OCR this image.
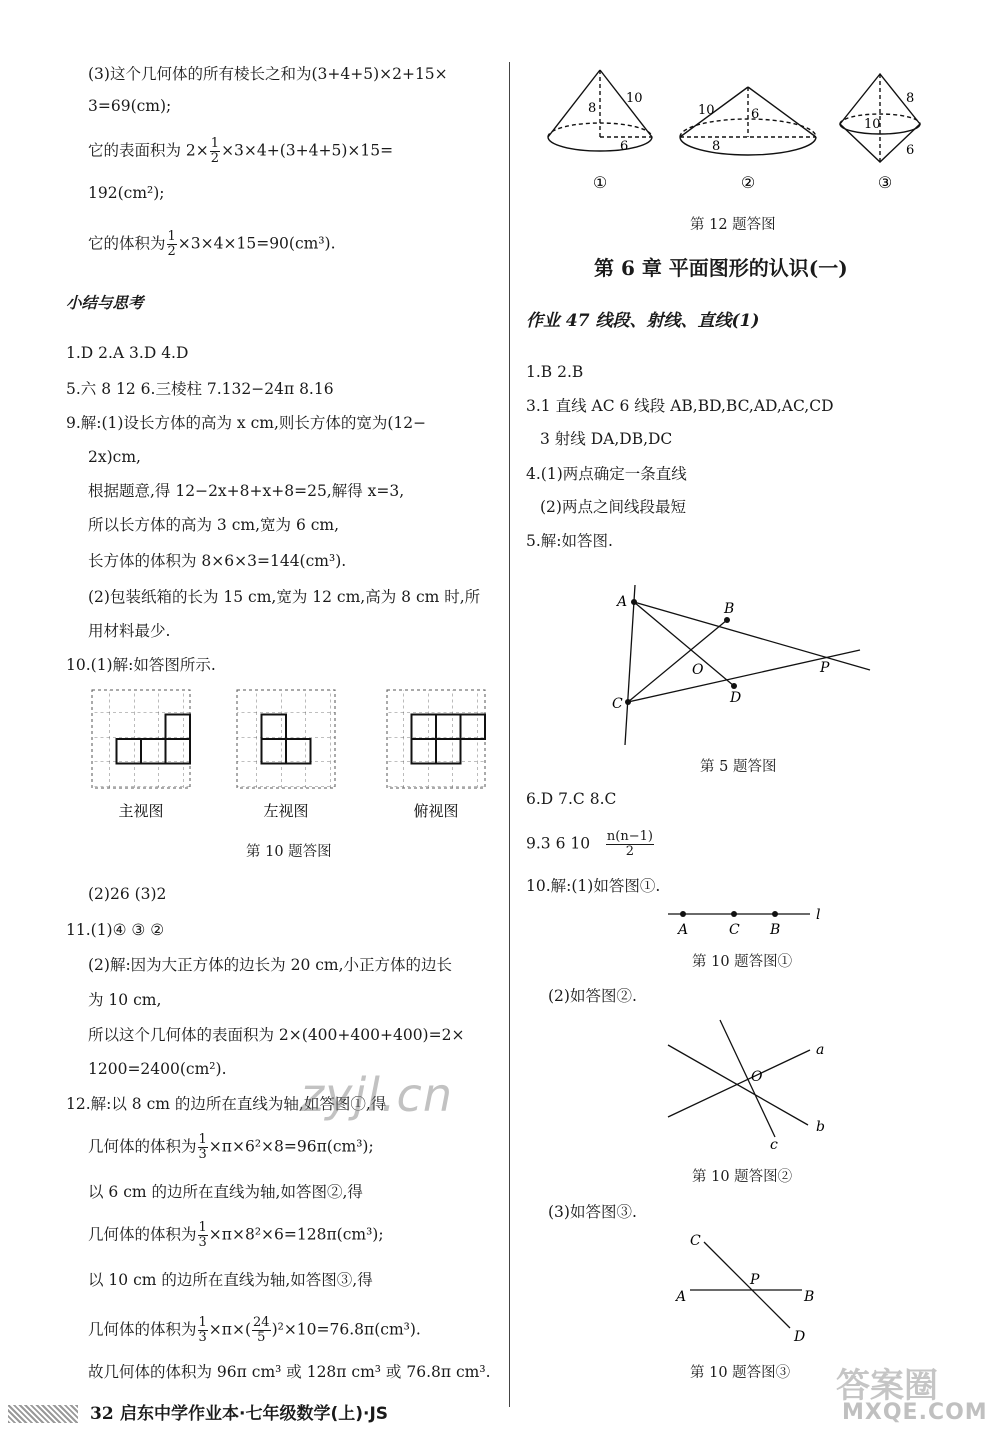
(3)这个几何体的所有棱长之和为(3+4+5)×2+15×
3=69(cm);
它的表面积为 $2\times \frac{1}{2} \times 3\times 4+(3+4+5)\times 15=$
192(cm²);
它的体积为 $\frac{1}{2} \times 3\times 4\times 15=90(cm^3)$.
小结与思考
1.D 2.A 3.D 4.D
5.六 8 12 6.三棱柱 7.132−24π 8.16
9.解:(1)设长方体的高为 x cm,则长方体的宽为(12−
2x)cm,
根据题意,得 12−2x+8+x+8=25,解得 x=3,
所以长方体的高为 3 cm,宽为 6 cm,
长方体的体积为 8×6×3=144(cm³).
(2)包装纸箱的长为 15 cm,宽为 12 cm,高为 8 cm 时,所
用材料最少.
10.(1)解:如答图所示.
主视图	左视图	俯视图
第 10 题答图
(2)26 (3)2
11.(1)④ ③ ②
(2)解:因为大正方体的边长为 20 cm,小正方体的边长
为 10 cm,
所以这个几何体的表面积为 2×(400+400+400)=2×
1200=2400(cm²).
12.解:以 8 cm 的边所在直线为轴,如答图①,得
几何体的体积为 $\frac{1}{3} \times\pi\times 6^2\times 8=96\pi(cm^3)$;
以 6 cm 的边所在直线为轴,如答图②,得
几何体的体积为 $\frac{1}{3} \times\pi\times 8^2\times 6=128\pi(cm^3)$;
以 10 cm 的边所在直线为轴,如答图③,得
几何体的体积为 $\frac{1}{3} \times\pi\times( \frac{24}{5} )^2\times 10=76.8\pi(cm^3)$.
故几何体的体积为 96π cm³ 或 128π cm³ 或 76.8π cm³.
zyjl.cn
8
10
6
10	6
8
8
10
6
①	②	③
第 12 题答图
第 6 章 平面图形的认识(一)
作业 47 线段、射线、直线(1)
1.B 2.B
3.1 直线 AC 6 线段 AB,BD,BC,AD,AC,CD
3 射线 DA,DB,DC
4.(1)两点确定一条直线
(2)两点之间线段最短
5.解:如答图.
A	B
O	P
C	D
第 5 题答图
6.D 7.C 8.C
9.3 6 $10 \frac{n(n-1)}{2}$
10.解:(1)如答图①.
A	C B
l
第 10 题答图①
(2)如答图②.
O
a
b
c
第 10 题答图②
(3)如答图③.
C
P
A	B
D
第 10 题答图③ 答案圈
MXQE.COM
32 启东中学作业本·七年级数学(上)·JS
